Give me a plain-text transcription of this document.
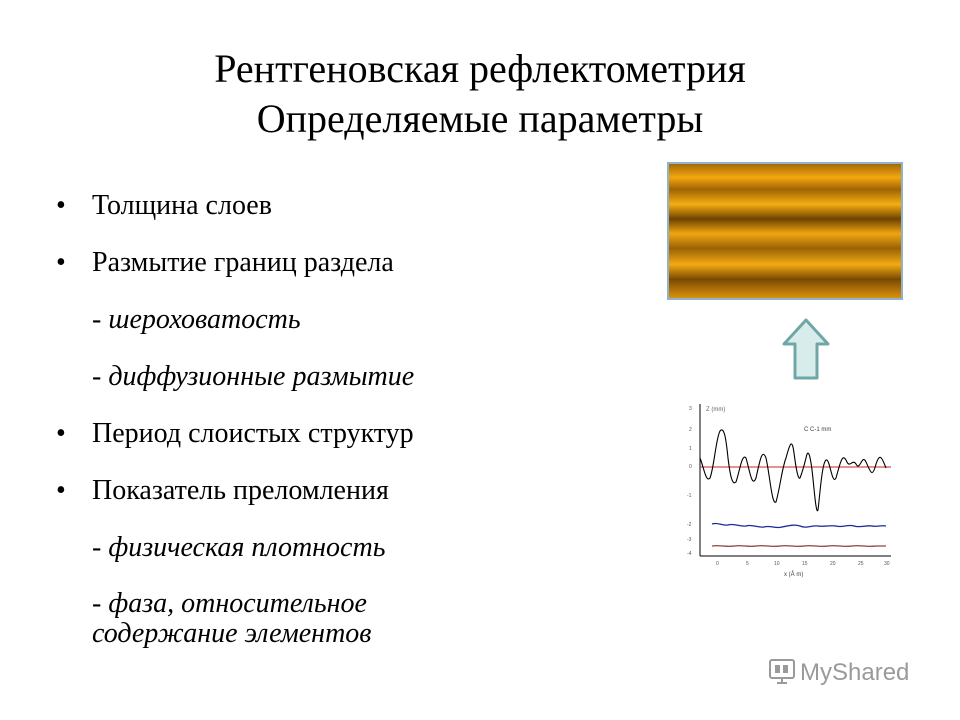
Рентгеновская рефлектометрия
Определяемые параметры
• Толщина слоев
• Размытие границ раздела
- шероховатость
- диффузионные размытие
• Период слоистых структур
• Показатель преломления
- физическая плотность
- фаза, относительное
содержание элементов
3
2
1
0
-1
-2
-3
-4
0	5	10	15	20	25	30
Z (mm)
C C-1 mm
x (Å m)
MyShared
